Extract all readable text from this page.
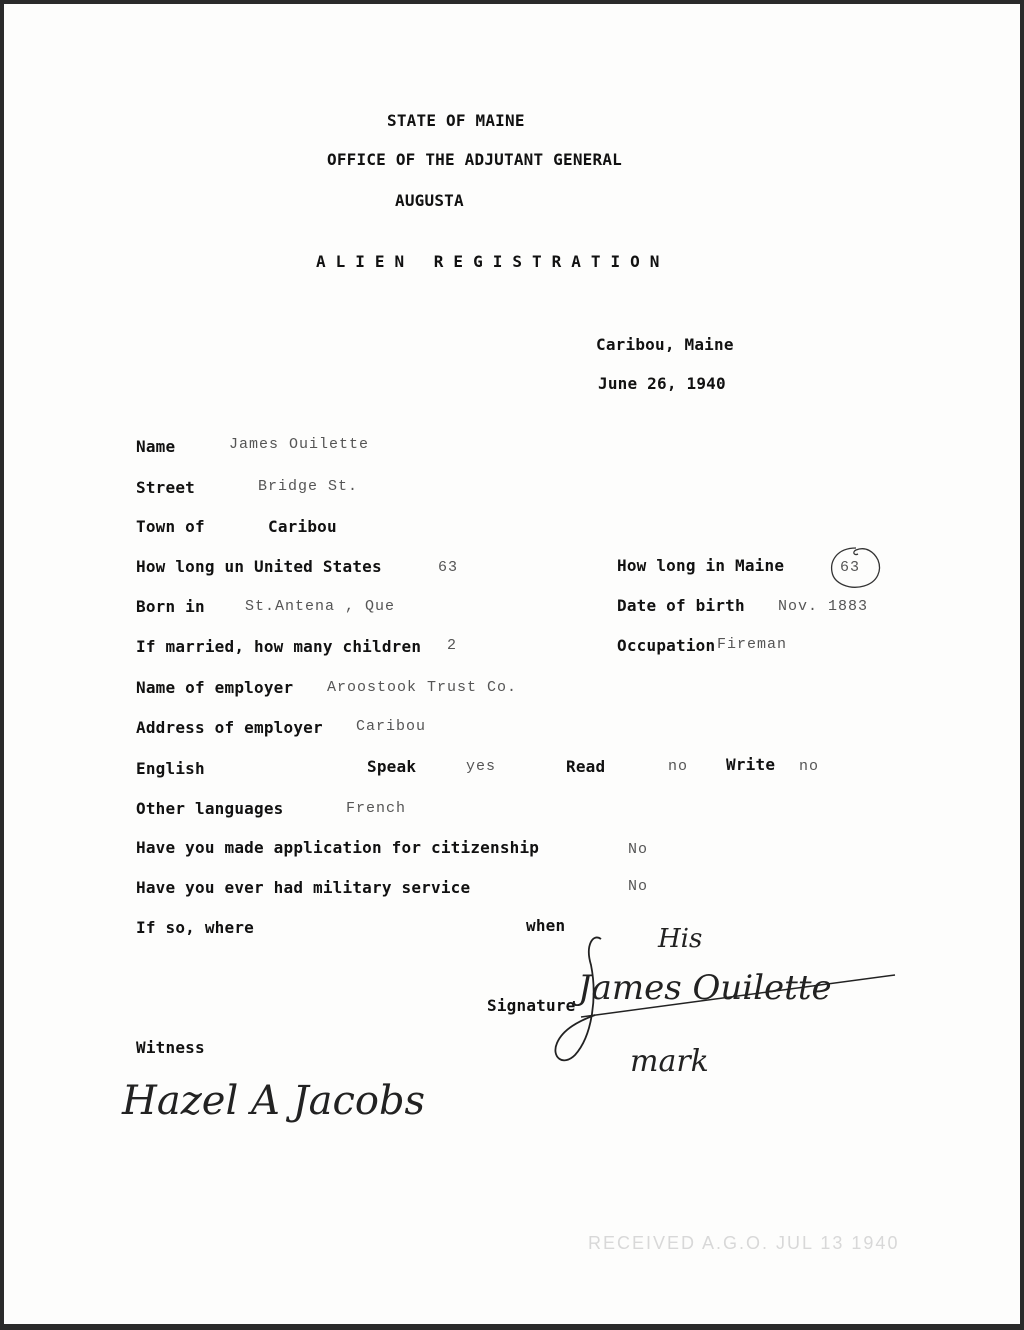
STATE OF MAINE
OFFICE OF THE ADJUTANT GENERAL
AUGUSTA
ALIEN REGISTRATION
Caribou, Maine
June 26, 1940
Name	James Ouilette
Street	Bridge St.
Town of	Caribou
How long un United States	63	How long in Maine	63
Born in	St.Antena , Que	Date of birth Nov. 1883
If married, how many children 2	Occupation Fireman
Name of employer Aroostook Trust Co.
Address of employer Caribou
English	Speak	yes	Read	no Write no
Other languages	French
Have you made application for citizenship	No
Have you ever had military service	No
If so, where	when
Signature James Ouilette
His
mark
Witness
Hazel A Jacobs
RECEIVED A.G.O. JUL 13 1940
